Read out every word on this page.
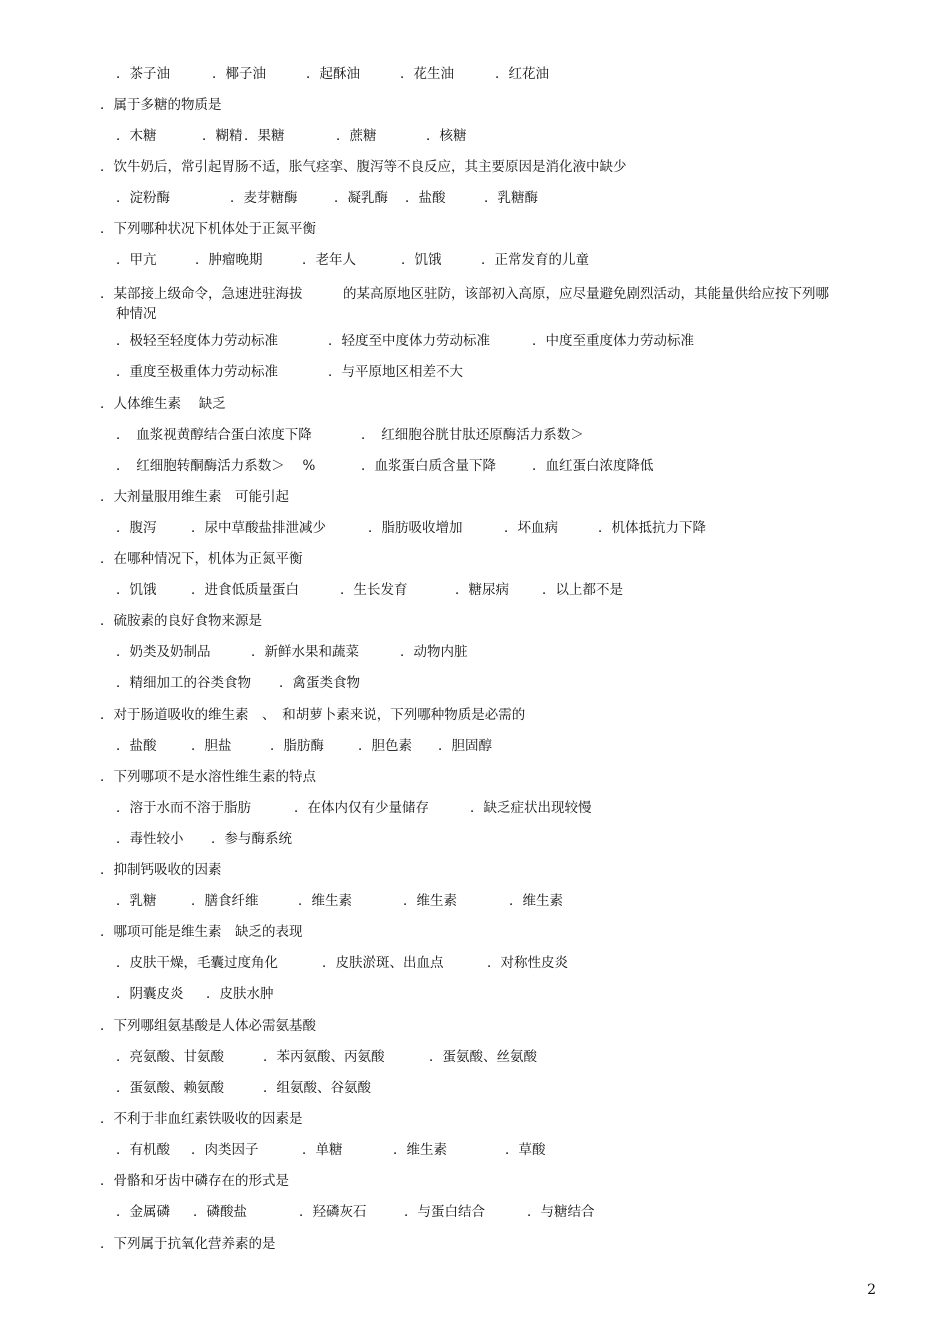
．茶子油	．椰子油	．起酥油	．花生油	．红花油
．属于多糖的物质是
．木糖	．糊精 ．果糖	．蔗糖	．核糖
．饮牛奶后，常引起胃肠不适，胀气痉挛、腹泻等不良反应，其主要原因是消化液中缺少
．淀粉酶	．麦芽糖酶	．凝乳酶 ．盐酸	．乳糖酶
．下列哪种状况下机体处于正氮平衡
．甲亢	．肿瘤晚期	．老年人	．饥饿	．正常发育的儿童
．某部接上级命令，急速进驻海拔　　　的某高原地区驻防，该部初入高原，应尽量避免剧烈活动，其能量供给应按下列哪
种情况
．极轻至轻度体力劳动标准	．轻度至中度体力劳动标准	．中度至重度体力劳动标准
．重度至极重体力劳动标准	．与平原地区相差不大
．人体维生素　 缺乏
．　血浆视黄醇结合蛋白浓度下降	．　红细胞谷胱甘肽还原酶活力系数＞
．　红细胞转酮酶活力系数＞　 %	．血浆蛋白质含量下降	．血红蛋白浓度降低
．大剂量服用维生素　可能引起
．腹泻	．尿中草酸盐排泄减少	．脂肪吸收增加	．坏血病	．机体抵抗力下降
．在哪种情况下，机体为正氮平衡
．饥饿	．进食低质量蛋白	．生长发育	．糖尿病 ．以上都不是
．硫胺素的良好食物来源是
．奶类及奶制品	．新鲜水果和蔬菜	．动物内脏
．精细加工的谷类食物 ．禽蛋类食物
．对于肠道吸收的维生素　、　和胡萝卜素来说，下列哪种物质是必需的
．盐酸	．胆盐	．脂肪酶	．胆色素 ．胆固醇
．下列哪项不是水溶性维生素的特点
．溶于水而不溶于脂肪	．在体内仅有少量储存	．缺乏症状出现较慢
．毒性较小 ．参与酶系统
．抑制钙吸收的因素
．乳糖	．膳食纤维	．维生素	．维生素	．维生素
．哪项可能是维生素　缺乏的表现
．皮肤干燥，毛囊过度角化	．皮肤淤斑、出血点	．对称性皮炎
．阴囊皮炎 ．皮肤水肿
．下列哪组氨基酸是人体必需氨基酸
．亮氨酸、甘氨酸	．苯丙氨酸、丙氨酸	．蛋氨酸、丝氨酸
．蛋氨酸、赖氨酸	．组氨酸、谷氨酸
．不利于非血红素铁吸收的因素是
．有机酸 ．肉类因子	．单糖	．维生素	．草酸
．骨骼和牙齿中磷存在的形式是
．金属磷 ．磷酸盐	．羟磷灰石	．与蛋白结合	．与糖结合
．下列属于抗氧化营养素的是
2
